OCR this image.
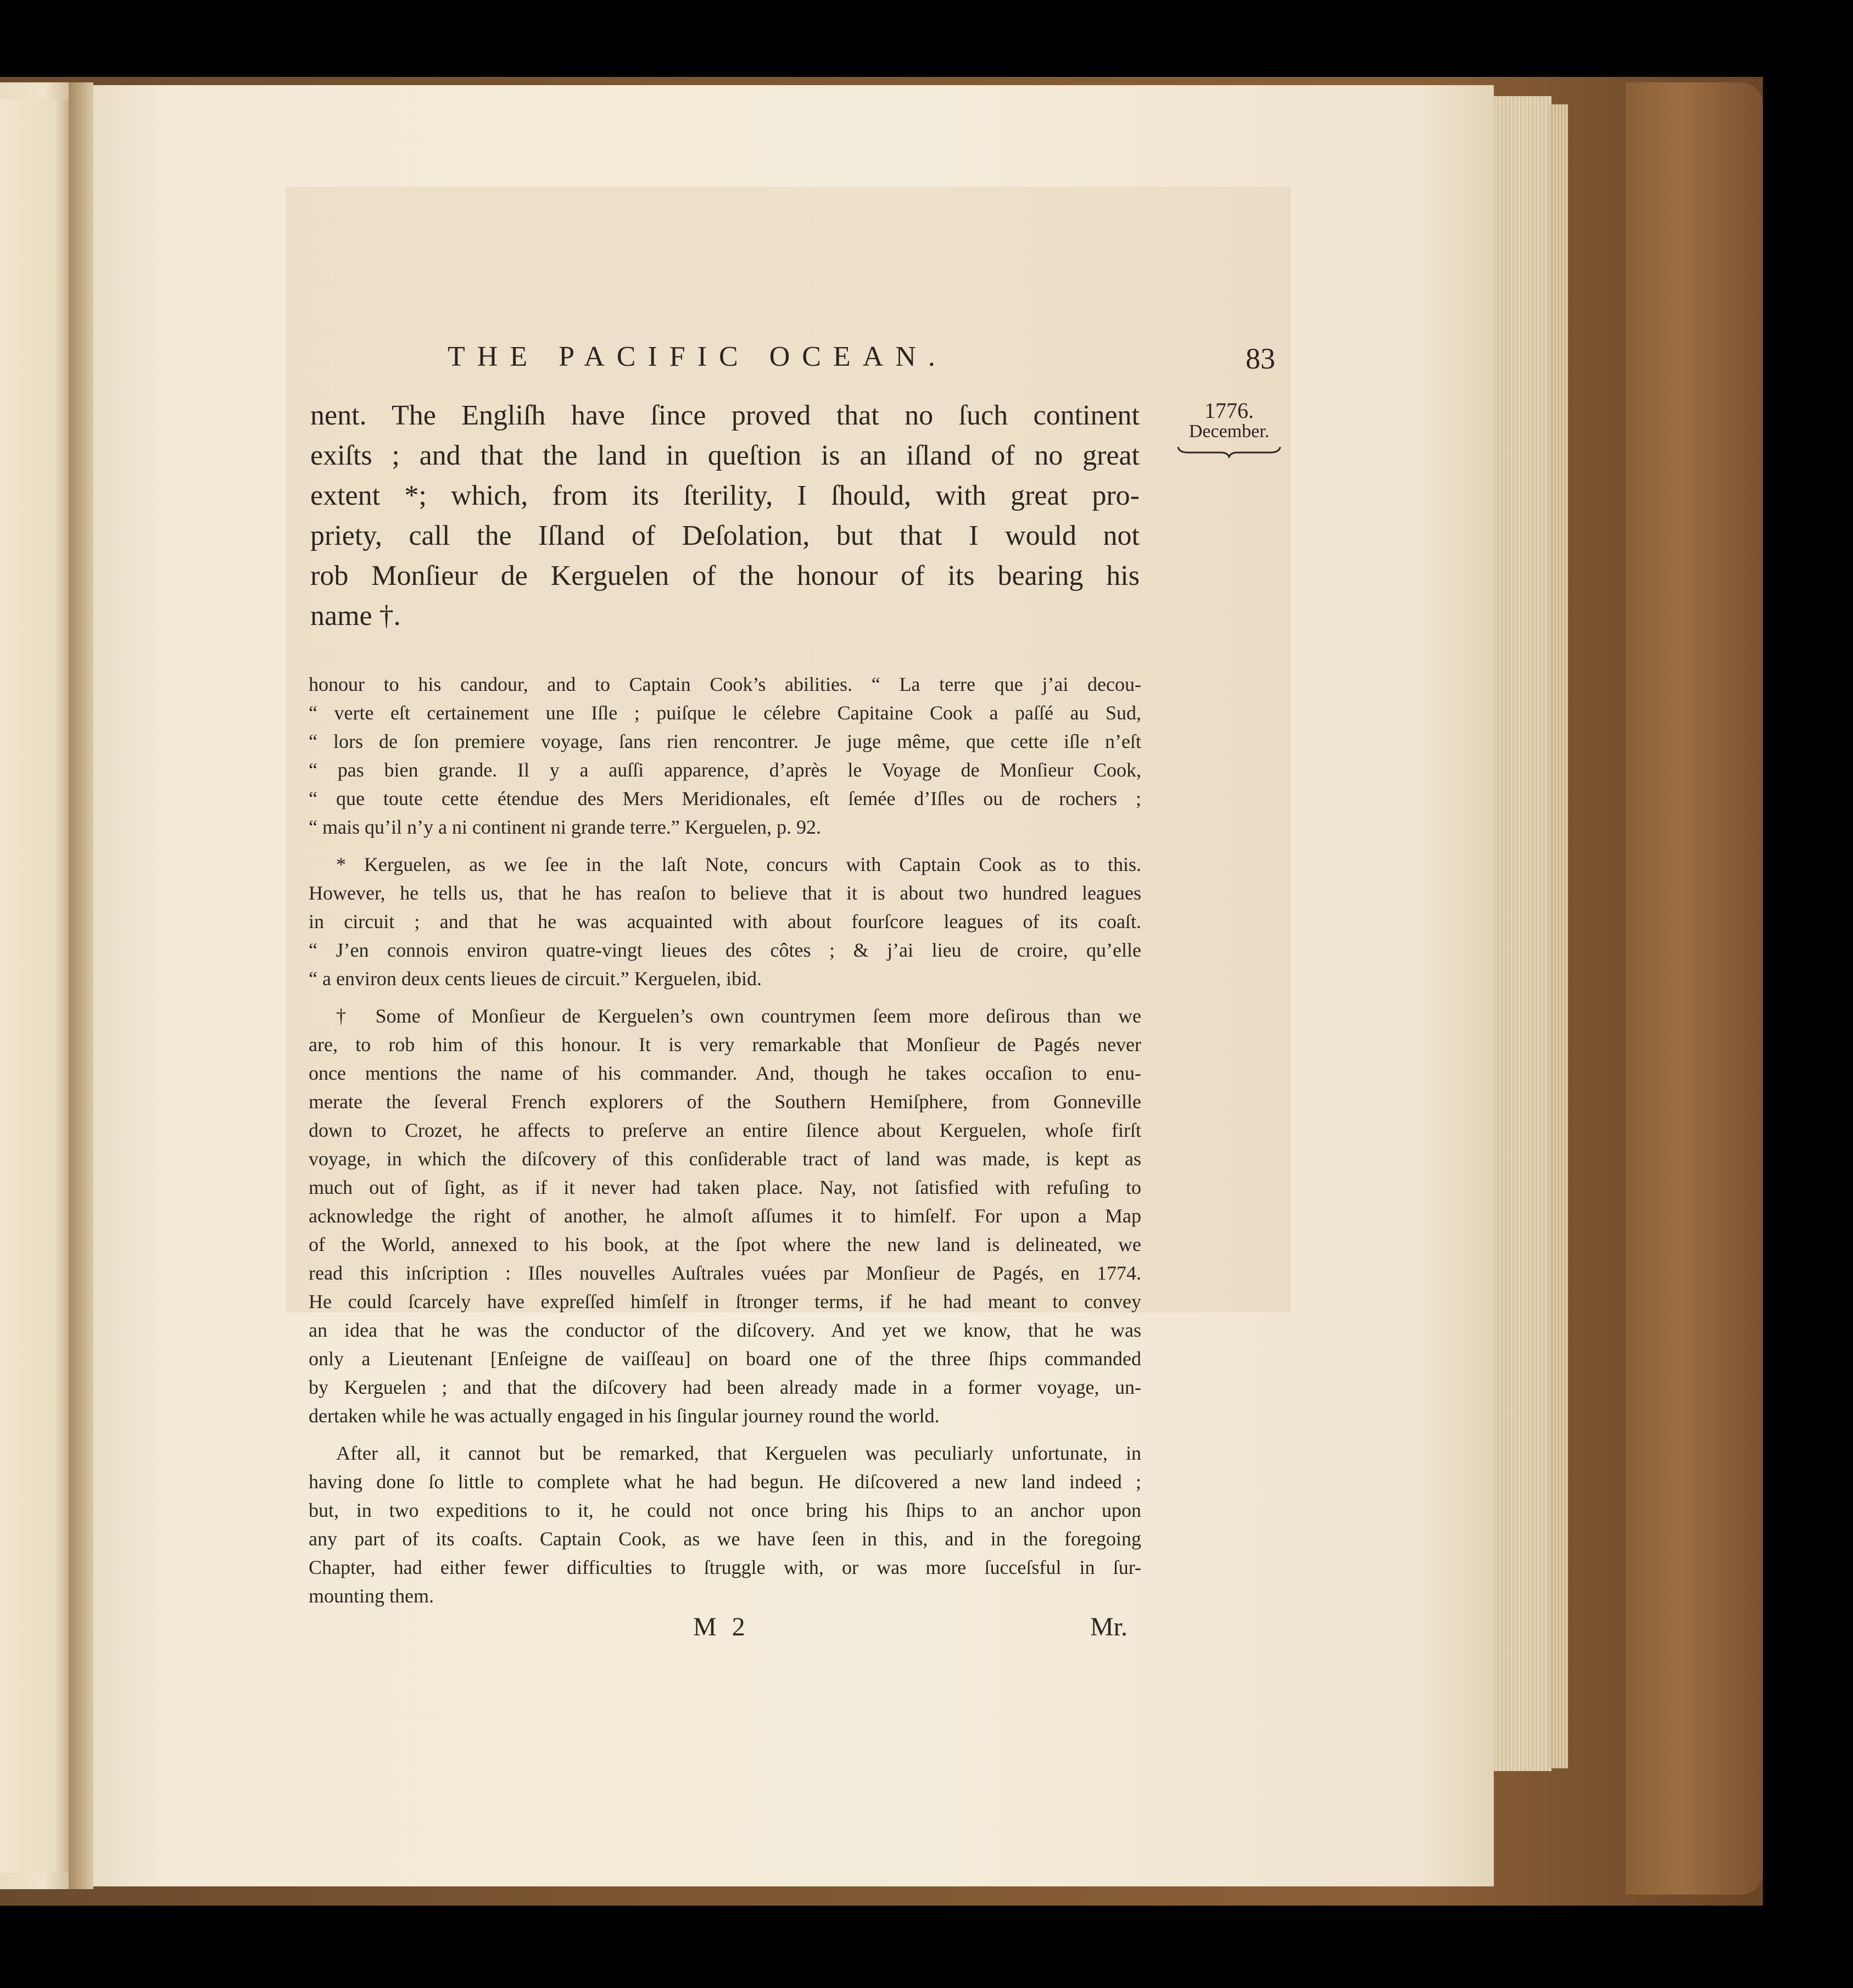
THE PACIFIC OCEAN.	83
1776.
December.
nent. The Engliſh have ſince proved that no ſuch continent
exiſts ; and that the land in queſtion is an iſland of no great
extent *; which, from its ſterility, I ſhould, with great pro-
priety, call the Iſland of Deſolation, but that I would not
rob Monſieur de Kerguelen of the honour of its bearing his
name †.
honour to his candour, and to Captain Cook’s abilities. “ La terre que j’ai decou-
“ verte eſt certainement une Iſle ; puiſque le célebre Capitaine Cook a paſſé au Sud,
“ lors de ſon premiere voyage, ſans rien rencontrer. Je juge même, que cette iſle n’eſt
“ pas bien grande. Il y a auſſi apparence, d’après le Voyage de Monſieur Cook,
“ que toute cette étendue des Mers Meridionales, eſt ſemée d’Iſles ou de rochers ;
“ mais qu’il n’y a ni continent ni grande terre.” Kerguelen, p. 92.
* Kerguelen, as we ſee in the laſt Note, concurs with Captain Cook as to this.
However, he tells us, that he has reaſon to believe that it is about two hundred leagues
in circuit ; and that he was acquainted with about fourſcore leagues of its coaſt.
“ J’en connois environ quatre-vingt lieues des côtes ; & j’ai lieu de croire, qu’elle
“ a environ deux cents lieues de circuit.” Kerguelen, ibid.
† Some of Monſieur de Kerguelen’s own countrymen ſeem more deſirous than we
are, to rob him of this honour. It is very remarkable that Monſieur de Pagés never
once mentions the name of his commander. And, though he takes occaſion to enu-
merate the ſeveral French explorers of the Southern Hemiſphere, from Gonneville
down to Crozet, he affects to preſerve an entire ſilence about Kerguelen, whoſe firſt
voyage, in which the diſcovery of this conſiderable tract of land was made, is kept as
much out of ſight, as if it never had taken place. Nay, not ſatisfied with refuſing to
acknowledge the right of another, he almoſt aſſumes it to himſelf. For upon a Map
of the World, annexed to his book, at the ſpot where the new land is delineated, we
read this inſcription : Iſles nouvelles Auſtrales vuées par Monſieur de Pagés, en 1774.
He could ſcarcely have expreſſed himſelf in ſtronger terms, if he had meant to convey
an idea that he was the conductor of the diſcovery. And yet we know, that he was
only a Lieutenant [Enſeigne de vaiſſeau] on board one of the three ſhips commanded
by Kerguelen ; and that the diſcovery had been already made in a former voyage, un-
dertaken while he was actually engaged in his ſingular journey round the world.
After all, it cannot but be remarked, that Kerguelen was peculiarly unfortunate, in
having done ſo little to complete what he had begun. He diſcovered a new land indeed ;
but, in two expeditions to it, he could not once bring his ſhips to an anchor upon
any part of its coaſts. Captain Cook, as we have ſeen in this, and in the foregoing
Chapter, had either fewer difficulties to ſtruggle with, or was more ſucceſsful in ſur-
mounting them.
M 2	Mr.
